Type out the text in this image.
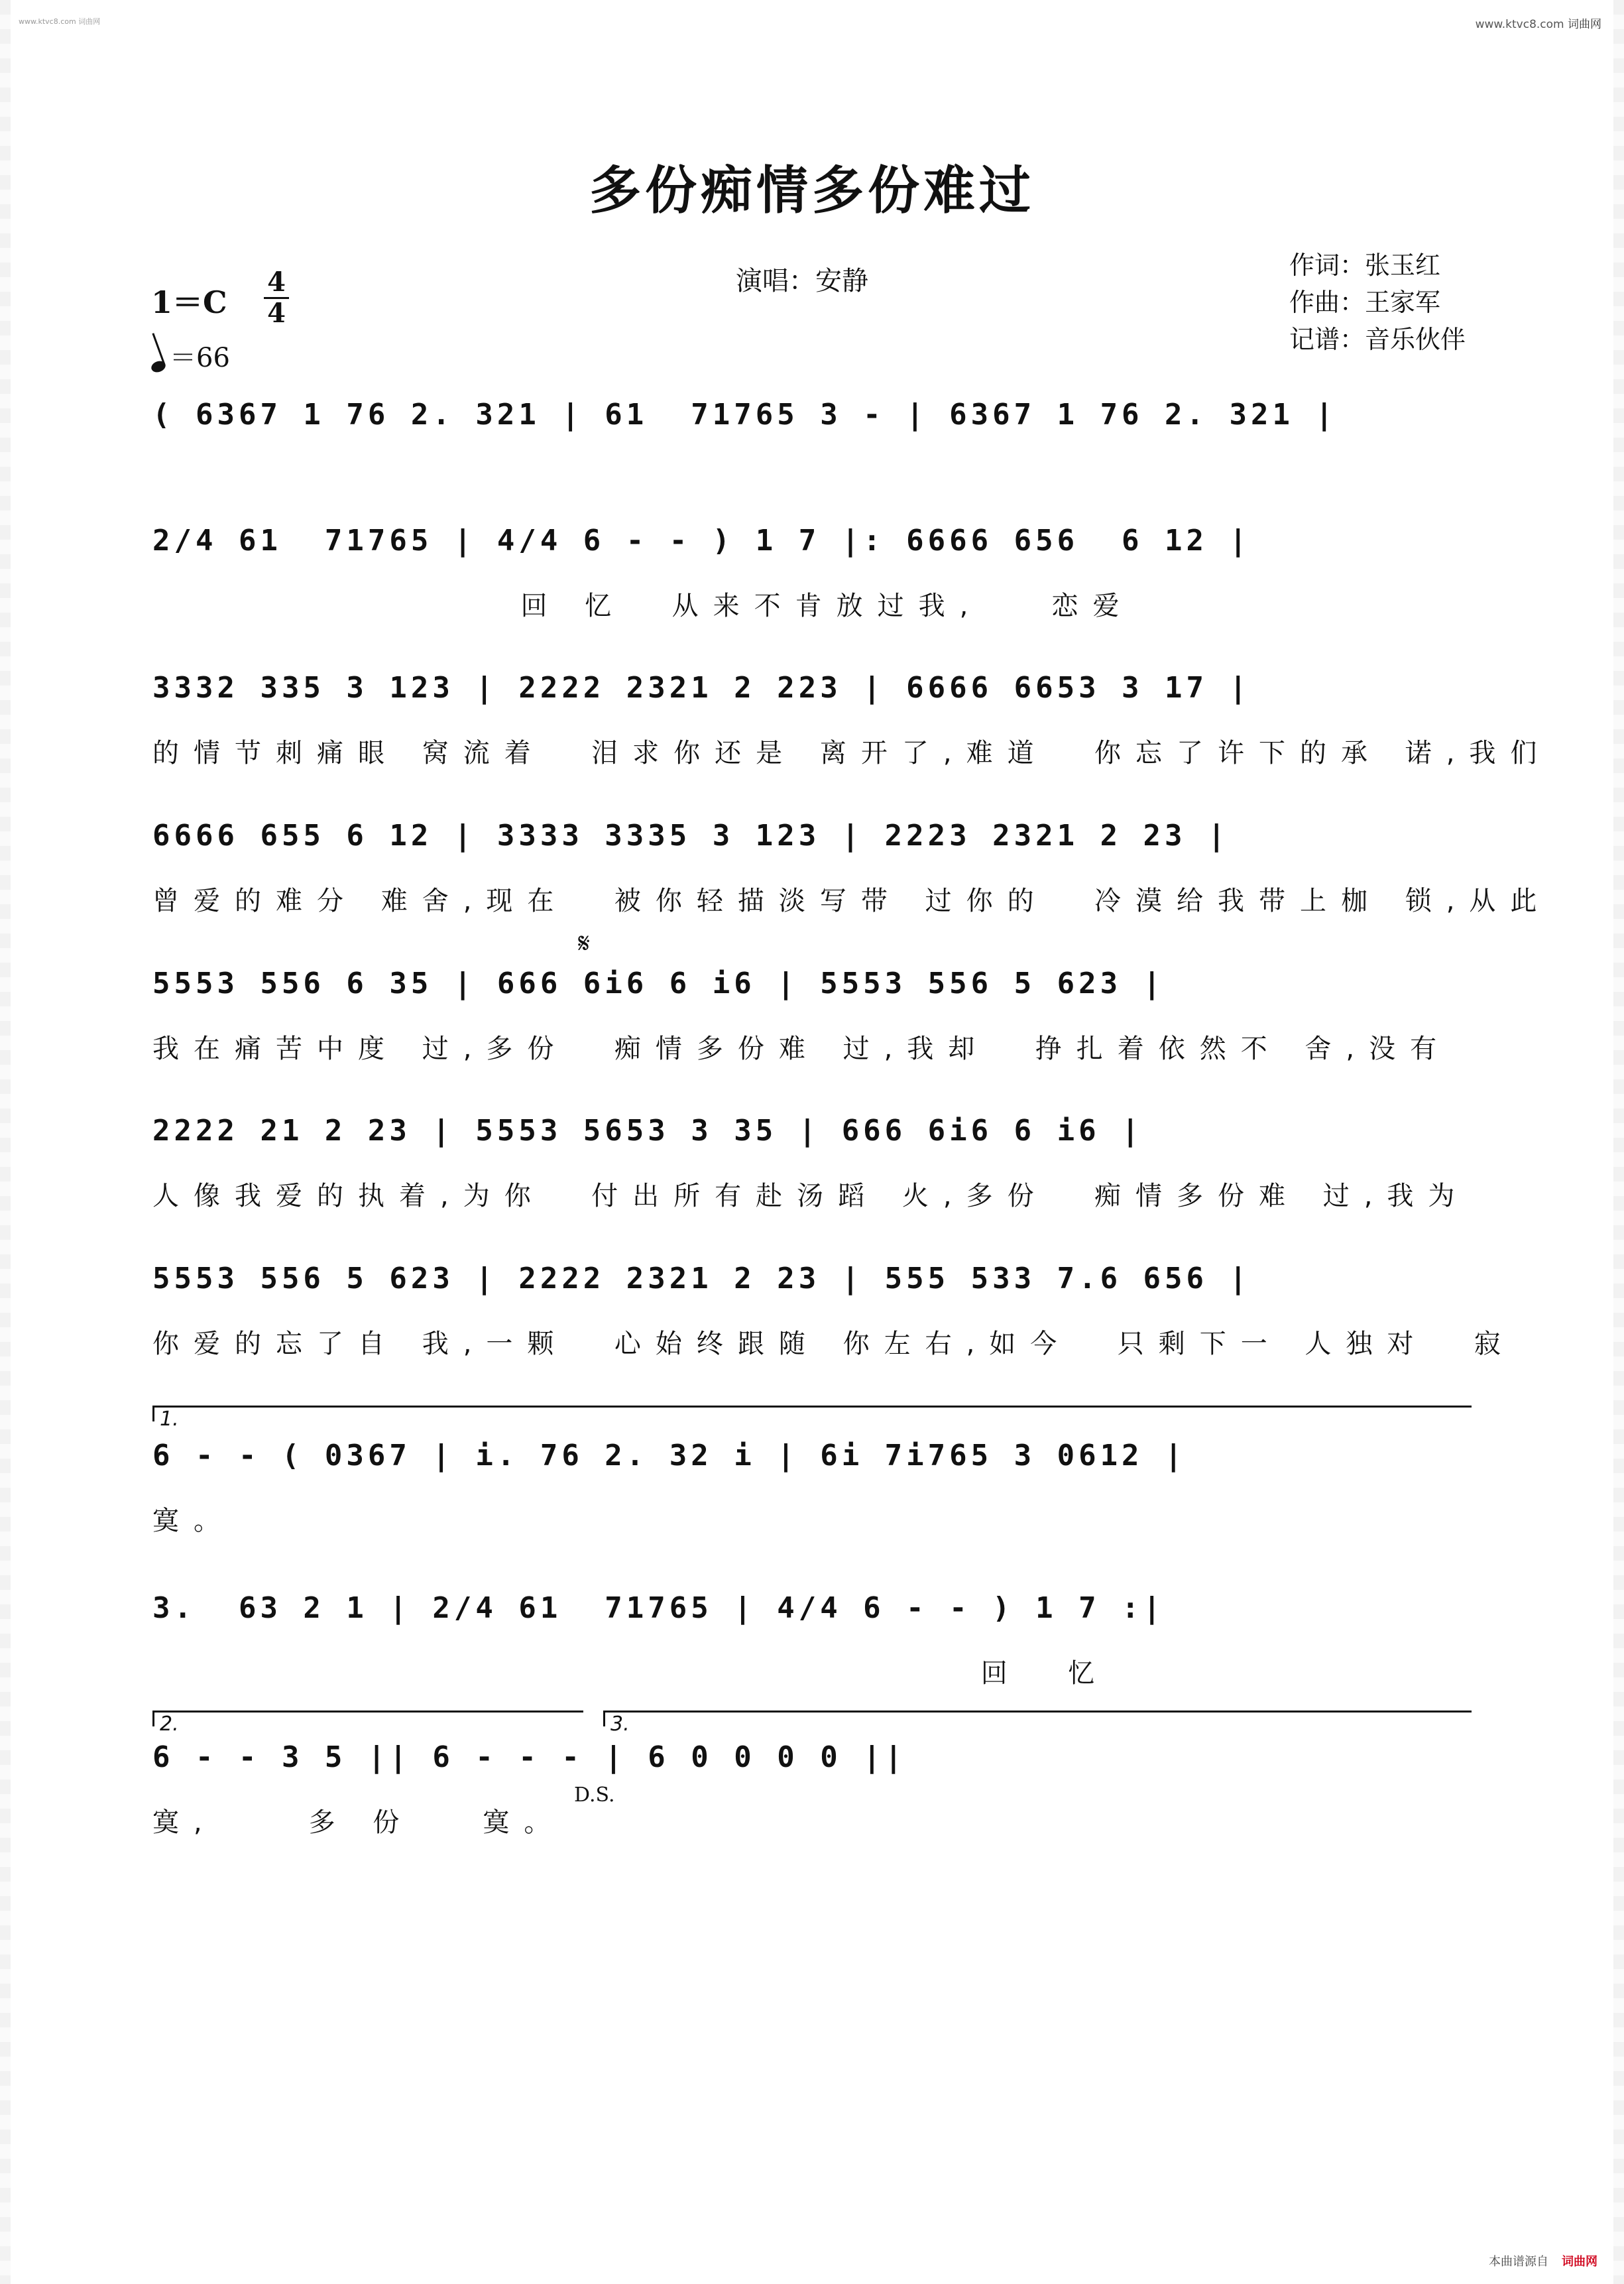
www.ktvc8.com 词曲网	www.ktvc8.com 词曲网
多份痴情多份难过
演唱：安静
作词：张玉红
作曲：王家军
记谱：音乐伙伴
1＝C
4
4
＝66
( 6367 1 76 2. 321 | 61  71765 3 - | 6367 1 76 2. 321 |
2/4 61  71765 | 4/4 6 - - ) 1 7 |: 6666 656  6 12 |
回 忆  从来不肯放过我,   恋爱
3332 335 3 123 | 2222 2321 2 223 | 6666 6653 3 17 |
的情节刺痛眼 窝流着  泪求你还是 离开了,难道  你忘了许下的承 诺,我们
6666 655 6 12 | 3333 3335 3 123 | 2223 2321 2 23 |
曾爱的难分 难舍,现在  被你轻描淡写带 过你的  冷漠给我带上枷 锁,从此
𝄋
5553 556 6 35 | 666 6i6 6 i6 | 5553 556 5 623 |
我在痛苦中度 过,多份  痴情多份难 过,我却  挣扎着依然不 舍,没有
2222 21 2 23 | 5553 5653 3 35 | 666 6i6 6 i6 |
人像我爱的执着,为你  付出所有赴汤蹈 火,多份  痴情多份难 过,我为
5553 556 5 623 | 2222 2321 2 23 | 555 533 7.6 656 |
你爱的忘了自 我,一颗  心始终跟随 你左右,如今  只剩下一 人独对  寂
1.
6 - - ( 0367 | i. 76 2. 32 i | 6i 7i765 3 0612 |
寞。
3.  63 2 1 | 2/4 61  71765 | 4/4 6 - - ) 1 7 :|
回  忆
2.	3.
6 - - 3 5 || 6 - - - | 6 0 0 0 0 ||
寞,    多 份   寞。
D.S.
本曲谱源自 词曲网
